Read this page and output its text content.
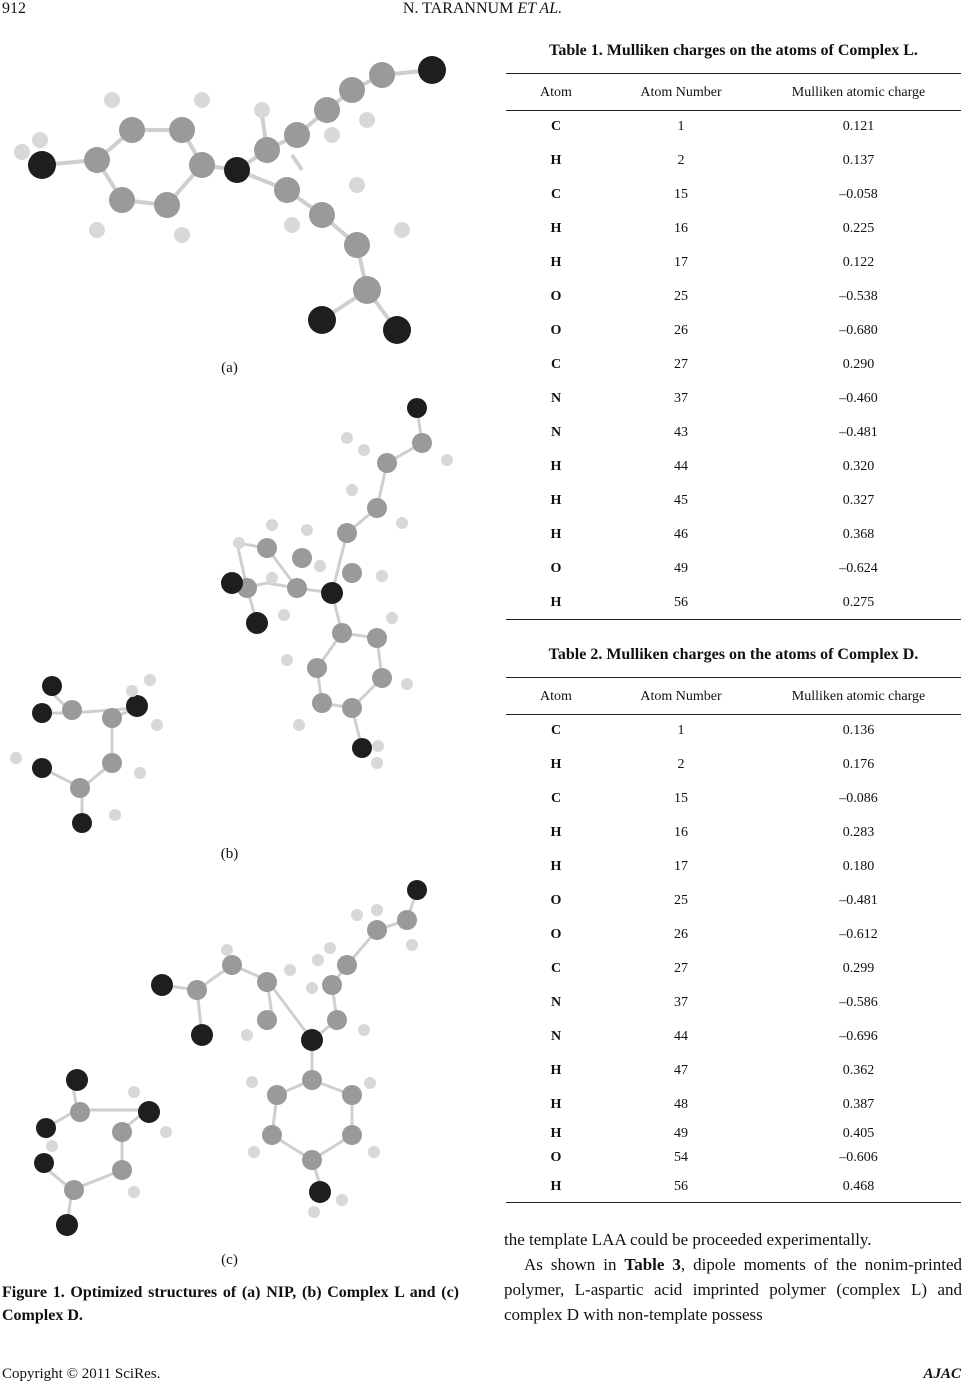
912	N. TARANNUM ET AL.
(a)
(b)
(c)
Figure 1. Optimized structures of (a) NIP, (b) Complex L and (c) Complex D.
Table 1. Mulliken charges on the atoms of Complex L.
Atom	Atom Number	Mulliken atomic charge
C	1	0.121
H	2	0.137
C	15	–0.058
H	16	0.225
H	17	0.122
O	25	–0.538
O	26	–0.680
C	27	0.290
N	37	–0.460
N	43	–0.481
H	44	0.320
H	45	0.327
H	46	0.368
O	49	–0.624
H	56	0.275
Table 2. Mulliken charges on the atoms of Complex D.
Atom	Atom Number	Mulliken atomic charge
C	1	0.136
H	2	0.176
C	15	–0.086
H	16	0.283
H	17	0.180
O	25	–0.481
O	26	–0.612
C	27	0.299
N	37	–0.586
N	44	–0.696
H	47	0.362
H	48	0.387
H	49	0.405
O	54	–0.606
H	56	0.468
the template LAA could be proceeded experimentally.
As shown in Table 3, dipole moments of the nonim-printed polymer, L-aspartic acid imprinted polymer (complex L) and complex D with non-template possess
Copyright © 2011 SciRes.	AJAC
